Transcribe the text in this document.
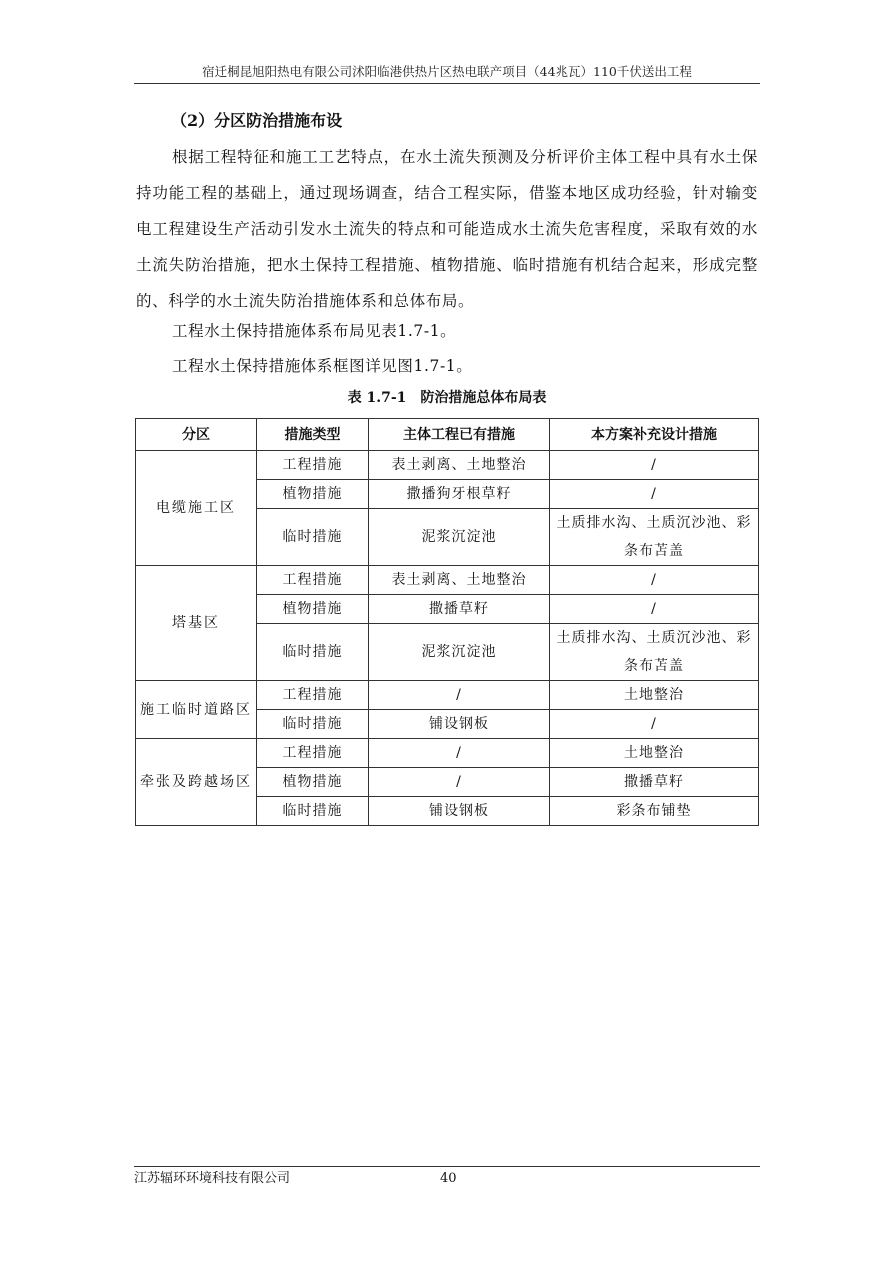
宿迁桐昆旭阳热电有限公司沭阳临港供热片区热电联产项目（44兆瓦）110千伏送出工程
（2）分区防治措施布设
根据工程特征和施工工艺特点，在水土流失预测及分析评价主体工程中具有水土保持功能工程的基础上，通过现场调查，结合工程实际，借鉴本地区成功经验，针对输变电工程建设生产活动引发水土流失的特点和可能造成水土流失危害程度，采取有效的水土流失防治措施，把水土保持工程措施、植物措施、临时措施有机结合起来，形成完整的、科学的水土流失防治措施体系和总体布局。
工程水土保持措施体系布局见表1.7-1。
工程水土保持措施体系框图详见图1.7-1。
表 1.7-1　防治措施总体布局表
分区	措施类型	主体工程已有措施	本方案补充设计措施
电缆施工区	工程措施	表土剥离、土地整治	/
	植物措施	撒播狗牙根草籽	/
	临时措施	泥浆沉淀池	土质排水沟、土质沉沙池、彩条布苫盖
塔基区	工程措施	表土剥离、土地整治	/
	植物措施	撒播草籽	/
	临时措施	泥浆沉淀池	土质排水沟、土质沉沙池、彩条布苫盖
施工临时道路区	工程措施	/	土地整治
	临时措施	铺设钢板	/
牵张及跨越场区	工程措施	/	土地整治
	植物措施	/	撒播草籽
	临时措施	铺设钢板	彩条布铺垫
江苏辐环环境科技有限公司	40
